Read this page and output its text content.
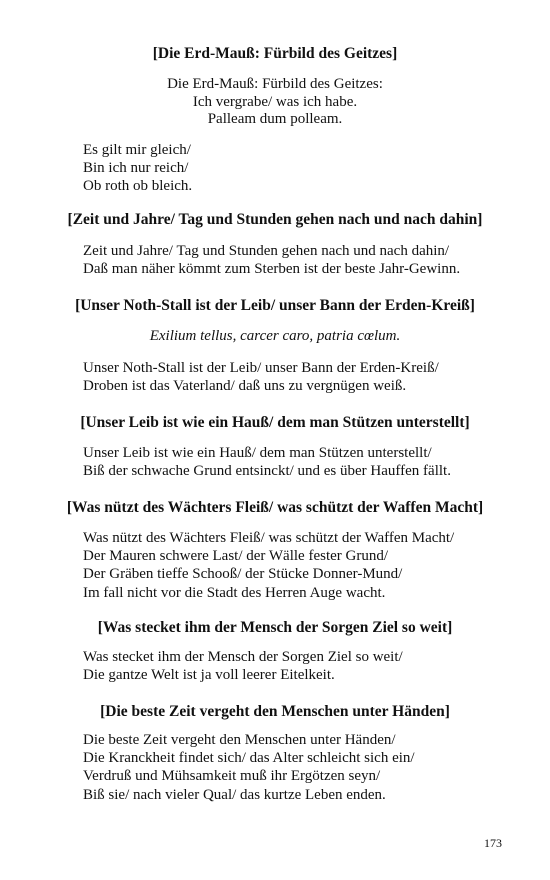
[Die Erd-Mauß: Fürbild des Geitzes]

Die Erd-Mauß: Fürbild des Geitzes:

Ich vergrabe/ was ich habe.

Palleam dum polleam.

Es gilt mir gleich/
Bin ich nur reich/
Ob roth ob bleich.

[Zeit und Jahre/ Tag und Stunden gehen nach und nach dahin]

Zeit und Jahre/ Tag und Stunden gehen nach und nach dahin/
Daß man näher kömmt zum Sterben ist der beste Jahr-Gewinn.

[Unser Noth-Stall ist der Leib/ unser Bann der Erden-Kreiß]

Exilium tellus, carcer caro, patria cœlum.

Unser Noth-Stall ist der Leib/ unser Bann der Erden-Kreiß/
Droben ist das Vaterland/ daß uns zu vergnügen weiß.

[Unser Leib ist wie ein Hauß/ dem man Stützen unterstellt]

Unser Leib ist wie ein Hauß/ dem man Stützen unterstellt/
Biß der schwache Grund entsinckt/ und es über Hauffen fällt.

[Was nützt des Wächters Fleiß/ was schützt der Waffen Macht]

Was nützt des Wächters Fleiß/ was schützt der Waffen Macht/
Der Mauren schwere Last/ der Wälle fester Grund/
Der Gräben tieffe Schooß/ der Stücke Donner-Mund/
Im fall nicht vor die Stadt des Herren Auge wacht.

[Was stecket ihm der Mensch der Sorgen Ziel so weit]

Was stecket ihm der Mensch der Sorgen Ziel so weit/
Die gantze Welt ist ja voll leerer Eitelkeit.

[Die beste Zeit vergeht den Menschen unter Händen]

Die beste Zeit vergeht den Menschen unter Händen/
Die Kranckheit findet sich/ das Alter schleicht sich ein/
Verdruß und Mühsamkeit muß ihr Ergötzen seyn/
Biß sie/ nach vieler Qual/ das kurtze Leben enden.
173
